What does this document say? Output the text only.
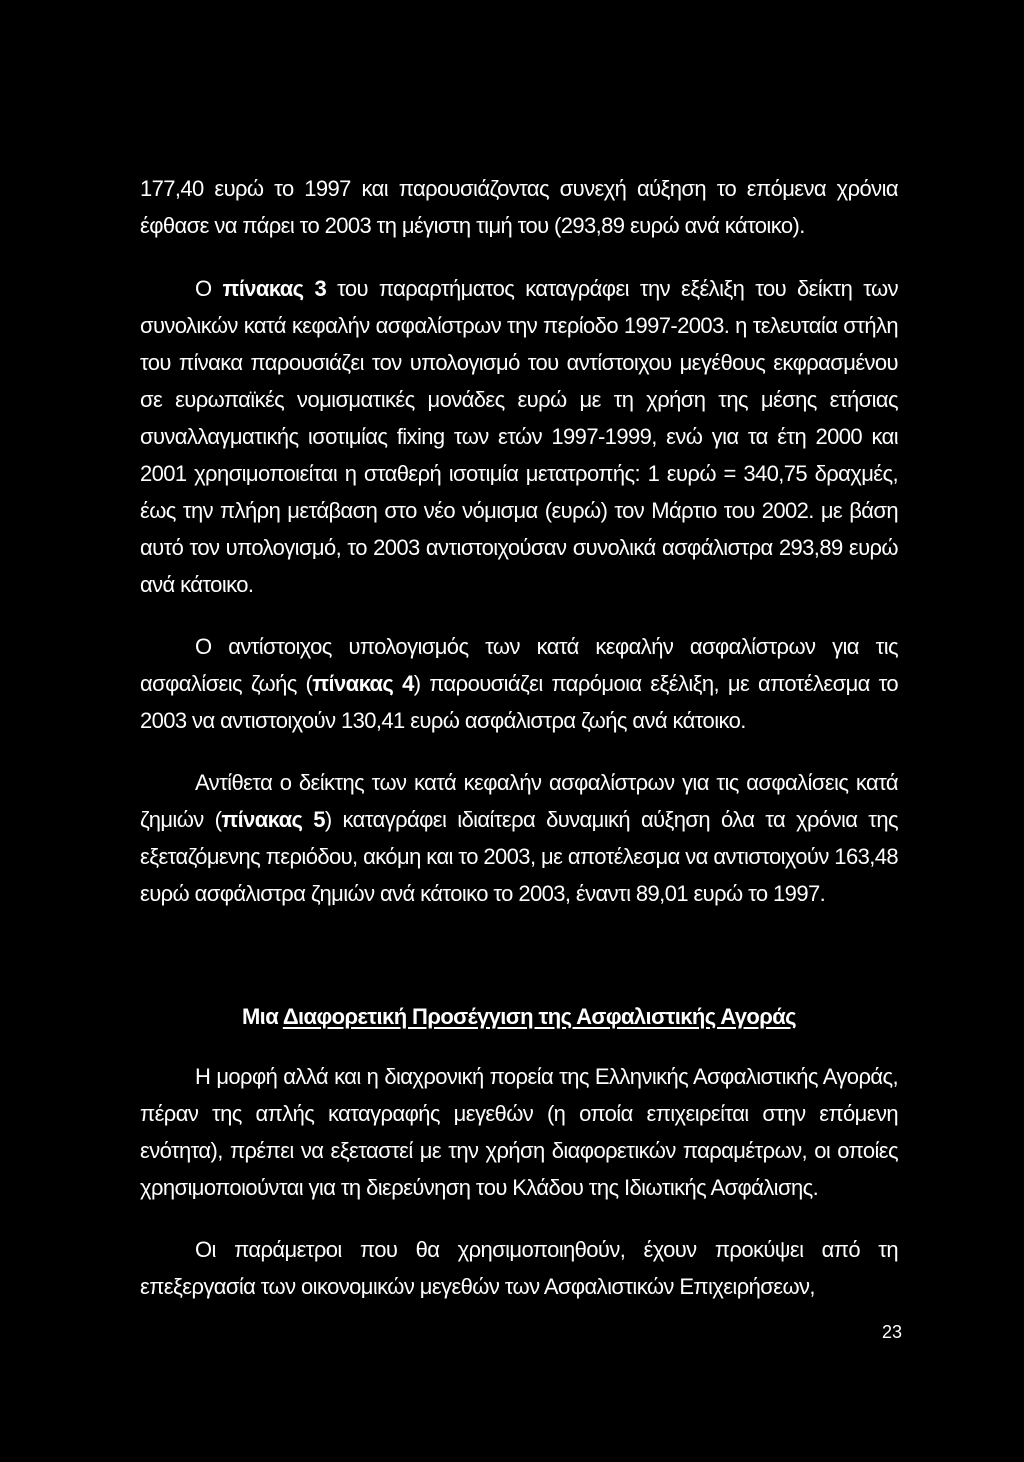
177,40 ευρώ το 1997 και παρουσιάζοντας συνεχή αύξηση το επόμενα χρόνια έφθασε να πάρει το 2003 τη μέγιστη τιμή του (293,89 ευρώ ανά κάτοικο).

Ο πίνακας 3 του παραρτήματος καταγράφει την εξέλιξη του δείκτη των συνολικών κατά κεφαλήν ασφαλίστρων την περίοδο 1997-2003. η τελευταία στήλη του πίνακα παρουσιάζει τον υπολογισμό του αντίστοιχου μεγέθους εκφρασμένου σε ευρωπαϊκές νομισματικές μονάδες ευρώ με τη χρήση της μέσης ετήσιας συναλλαγματικής ισοτιμίας fixing των ετών 1997-1999, ενώ για τα έτη 2000 και 2001 χρησιμοποιείται η σταθερή ισοτιμία μετατροπής: 1 ευρώ = 340,75 δραχμές, έως την πλήρη μετάβαση στο νέο νόμισμα (ευρώ) τον Μάρτιο του 2002. με βάση αυτό τον υπολογισμό, το 2003 αντιστοιχούσαν συνολικά ασφάλιστρα 293,89 ευρώ ανά κάτοικο.

Ο αντίστοιχος υπολογισμός των κατά κεφαλήν ασφαλίστρων για τις ασφαλίσεις ζωής (πίνακας 4) παρουσιάζει παρόμοια εξέλιξη, με αποτέλεσμα το 2003 να αντιστοιχούν 130,41 ευρώ ασφάλιστρα ζωής ανά κάτοικο.

Αντίθετα ο δείκτης των κατά κεφαλήν ασφαλίστρων για τις ασφαλίσεις κατά ζημιών (πίνακας 5) καταγράφει ιδιαίτερα δυναμική αύξηση όλα τα χρόνια της εξεταζόμενης περιόδου, ακόμη και το 2003, με αποτέλεσμα να αντιστοιχούν 163,48 ευρώ ασφάλιστρα ζημιών ανά κάτοικο το 2003, έναντι 89,01 ευρώ το 1997.

Μια Διαφορετική Προσέγγιση της Ασφαλιστικής Αγοράς

Η μορφή αλλά και η διαχρονική πορεία της Ελληνικής Ασφαλιστικής Αγοράς, πέραν της απλής καταγραφής μεγεθών (η οποία επιχειρείται στην επόμενη ενότητα), πρέπει να εξεταστεί με την χρήση διαφορετικών παραμέτρων, οι οποίες χρησιμοποιούνται για τη διερεύνηση του Κλάδου της Ιδιωτικής Ασφάλισης.

Οι παράμετροι που θα χρησιμοποιηθούν, έχουν προκύψει από τη επεξεργασία των οικονομικών μεγεθών των Ασφαλιστικών Επιχειρήσεων,

23
